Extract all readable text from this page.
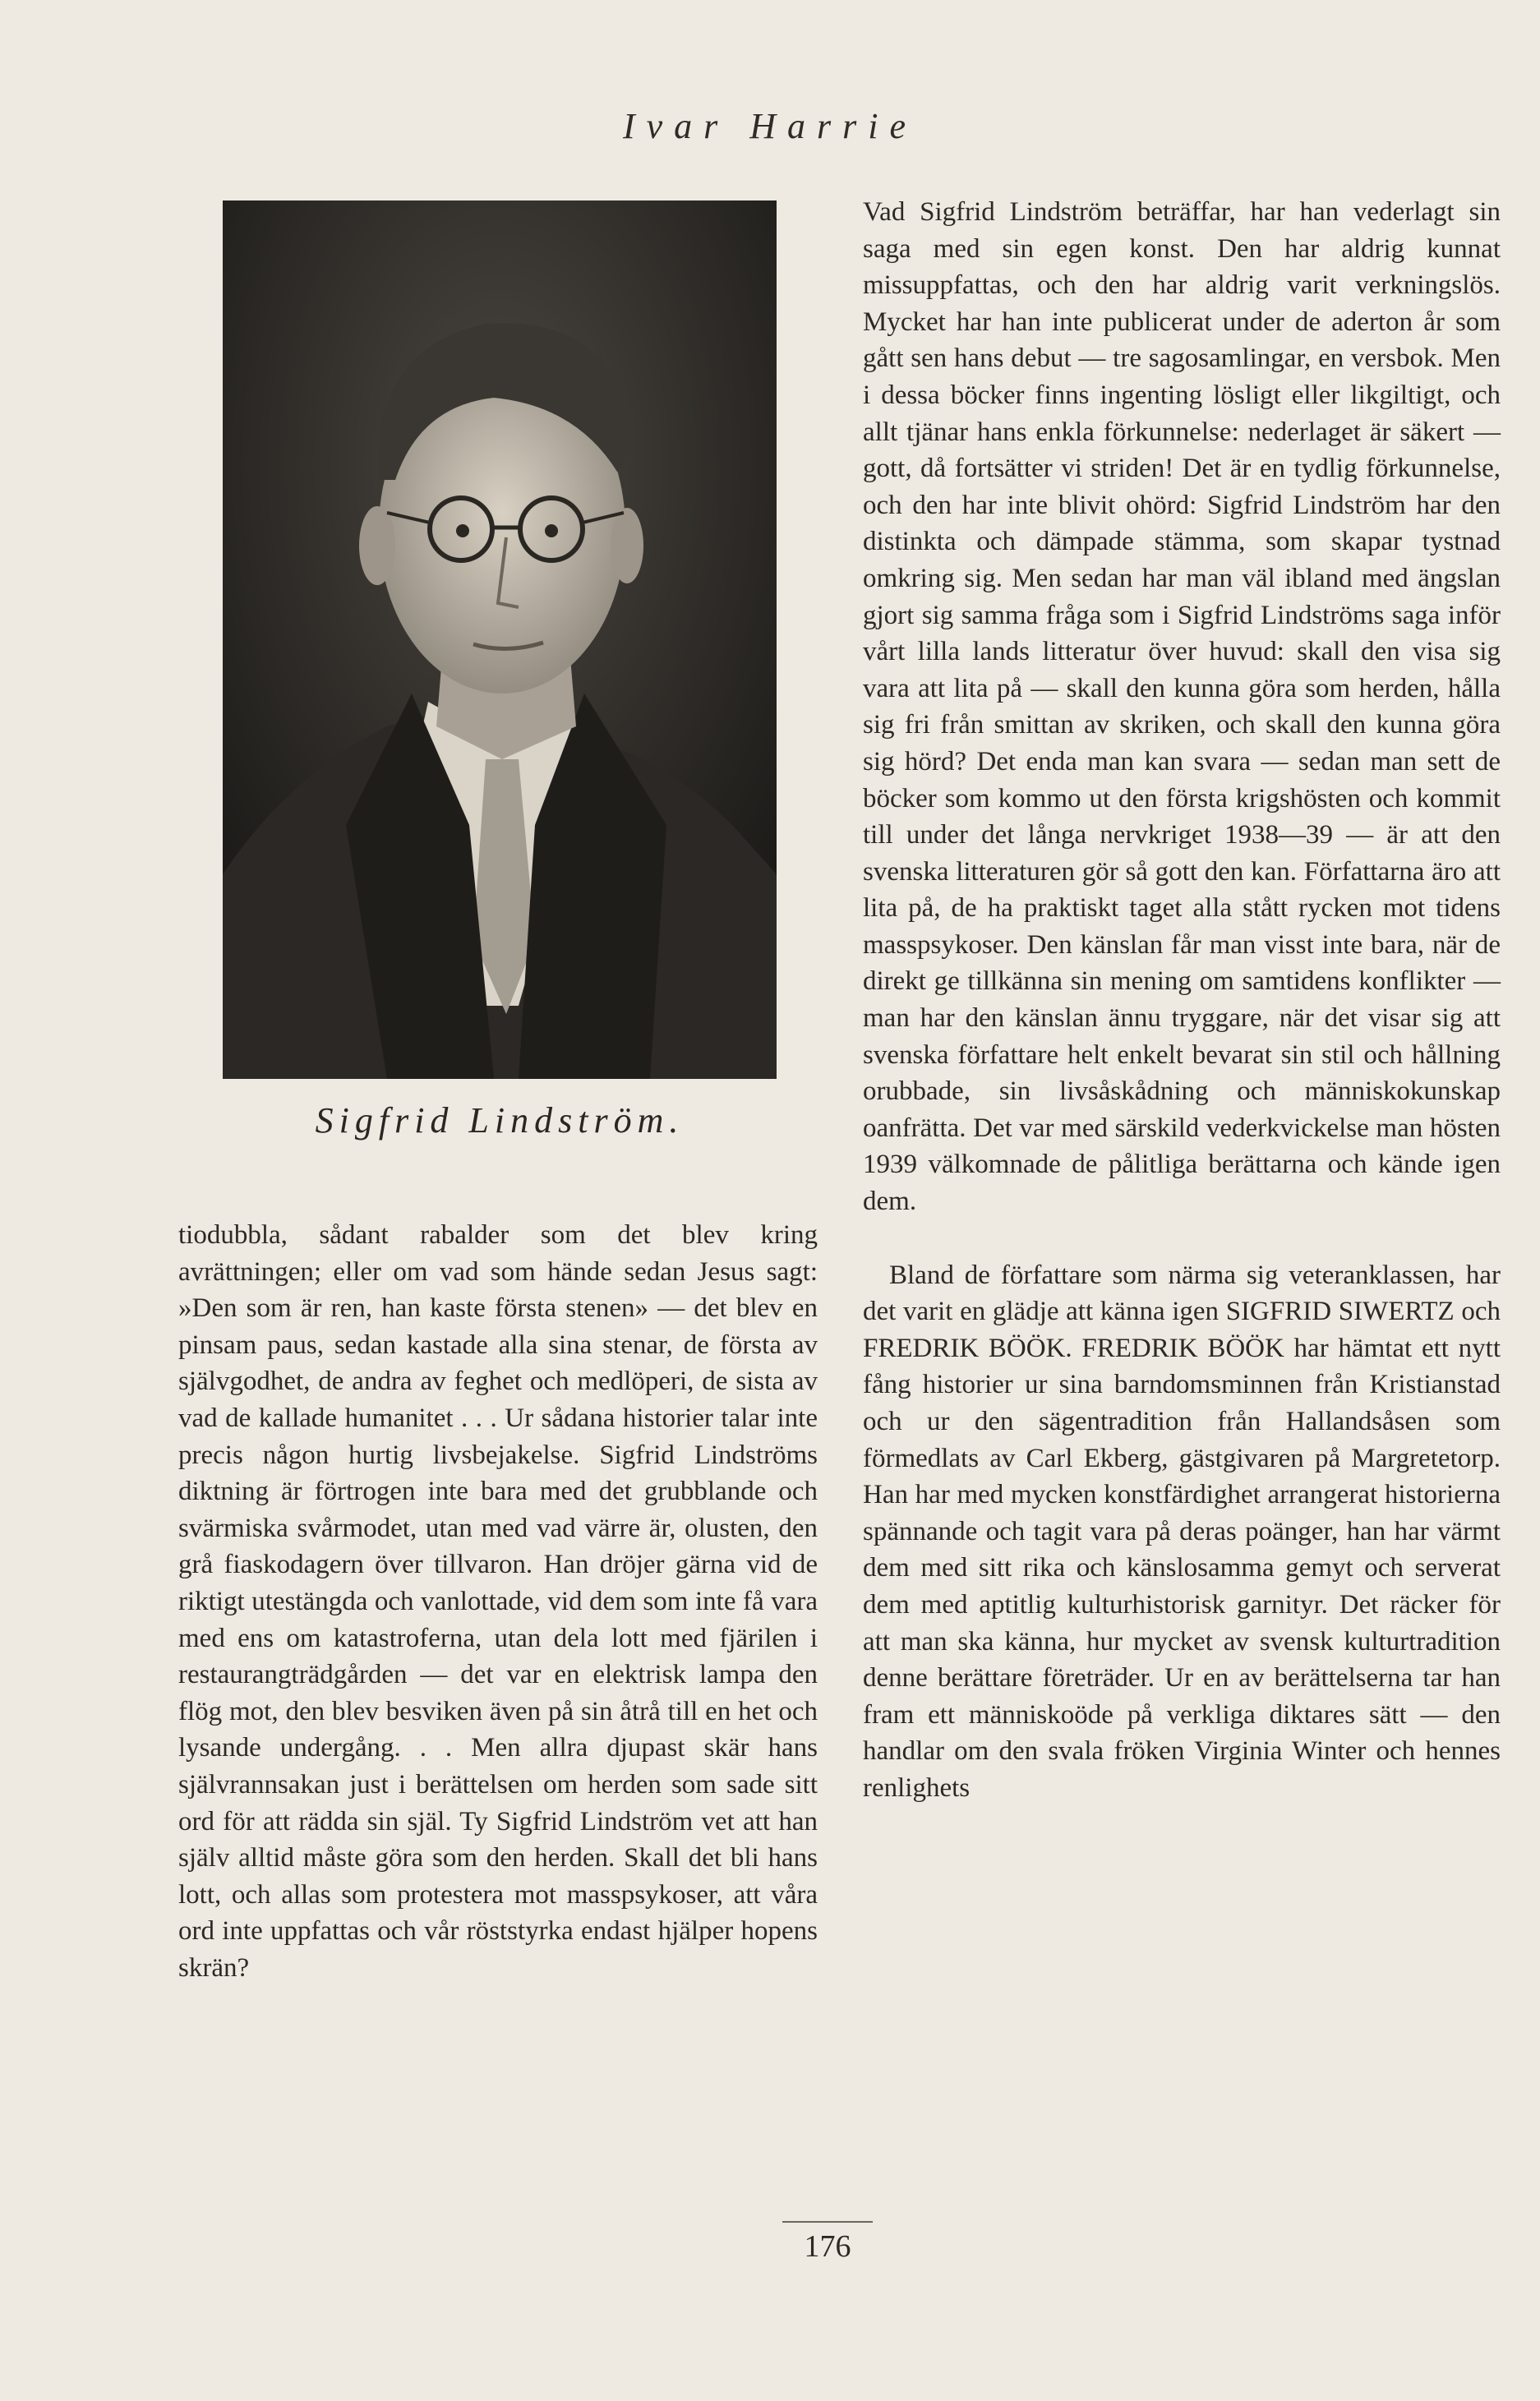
Ivar Harrie
Sigfrid Lindström.

tiodubbla, sådant rabalder som det blev kring avrättningen; eller om vad som hände sedan Jesus sagt: »Den som är ren, han kaste första stenen» — det blev en pinsam paus, sedan kastade alla sina stenar, de första av självgodhet, de andra av feghet och medlöperi, de sista av vad de kallade humanitet . . . Ur sådana historier talar inte precis någon hurtig livsbejakelse. Sigfrid Lindströms diktning är förtrogen inte bara med det grubblande och svärmiska svårmodet, utan med vad värre är, olusten, den grå fiaskodagern över tillvaron. Han dröjer gärna vid de riktigt utestängda och vanlottade, vid dem som inte få vara med ens om katastroferna, utan dela lott med fjärilen i restaurangträdgården — det var en elektrisk lampa den flög mot, den blev besviken även på sin åtrå till en het och lysande undergång. . . Men allra djupast skär hans självrannsakan just i berättelsen om herden som sade sitt ord för att rädda sin själ. Ty Sigfrid Lindström vet att han själv alltid måste göra som den herden. Skall det bli hans lott, och allas som protestera mot masspsykoser, att våra ord inte uppfattas och vår röststyrka endast hjälper hopens skrän?

Vad Sigfrid Lindström beträffar, har han vederlagt sin saga med sin egen konst. Den har aldrig kunnat missuppfattas, och den har aldrig varit verkningslös. Mycket har han inte publicerat under de aderton år som gått sen hans debut — tre sagosamlingar, en versbok. Men i dessa böcker finns ingenting lösligt eller likgiltigt, och allt tjänar hans enkla förkunnelse: nederlaget är säkert — gott, då fortsätter vi striden! Det är en tydlig förkunnelse, och den har inte blivit ohörd: Sigfrid Lindström har den distinkta och dämpade stämma, som skapar tystnad omkring sig. Men sedan har man väl ibland med ängslan gjort sig samma fråga som i Sigfrid Lindströms saga inför vårt lilla lands litteratur över huvud: skall den visa sig vara att lita på — skall den kunna göra som herden, hålla sig fri från smittan av skriken, och skall den kunna göra sig hörd? Det enda man kan svara — sedan man sett de böcker som kommo ut den första krigshösten och kommit till under det långa nervkriget 1938—39 — är att den svenska litteraturen gör så gott den kan. Författarna äro att lita på, de ha praktiskt taget alla stått rycken mot tidens masspsykoser. Den känslan får man visst inte bara, när de direkt ge tillkänna sin mening om samtidens konflikter — man har den känslan ännu tryggare, när det visar sig att svenska författare helt enkelt bevarat sin stil och hållning orubbade, sin livsåskådning och människokunskap oanfrätta. Det var med särskild vederkvickelse man hösten 1939 välkomnade de pålitliga berättarna och kände igen dem.

Bland de författare som närma sig veteranklassen, har det varit en glädje att känna igen SIGFRID SIWERTZ och FREDRIK BÖÖK. FREDRIK BÖÖK har hämtat ett nytt fång historier ur sina barndomsminnen från Kristianstad och ur den sägentradition från Hallandsåsen som förmedlats av Carl Ekberg, gästgivaren på Margretetorp. Han har med mycken konstfärdighet arrangerat historierna spännande och tagit vara på deras poänger, han har värmt dem med sitt rika och känslosamma gemyt och serverat dem med aptitlig kulturhistorisk garnityr. Det räcker för att man ska känna, hur mycket av svensk kulturtradition denne berättare företräder. Ur en av berättelserna tar han fram ett människoöde på verkliga diktares sätt — den handlar om den svala fröken Virginia Winter och hennes renlighets

176
